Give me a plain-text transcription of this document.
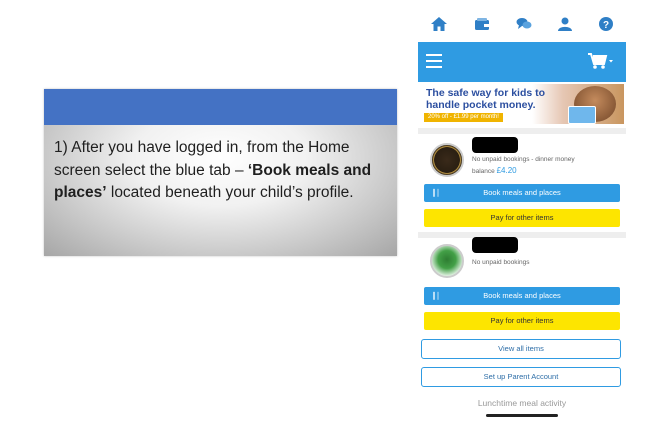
1) After you have logged in, from the Home screen select the blue tab – ‘Book meals and places’ located beneath your child’s profile.
?
The safe way for kids to
handle pocket money.
20% off - £1.99 per month!
No unpaid bookings - dinner money
balance £4.20
∥∣	Book meals and places
Pay for other items
No unpaid bookings
∥∣	Book meals and places
Pay for other items
View all items
Set up Parent Account
Lunchtime meal activity
